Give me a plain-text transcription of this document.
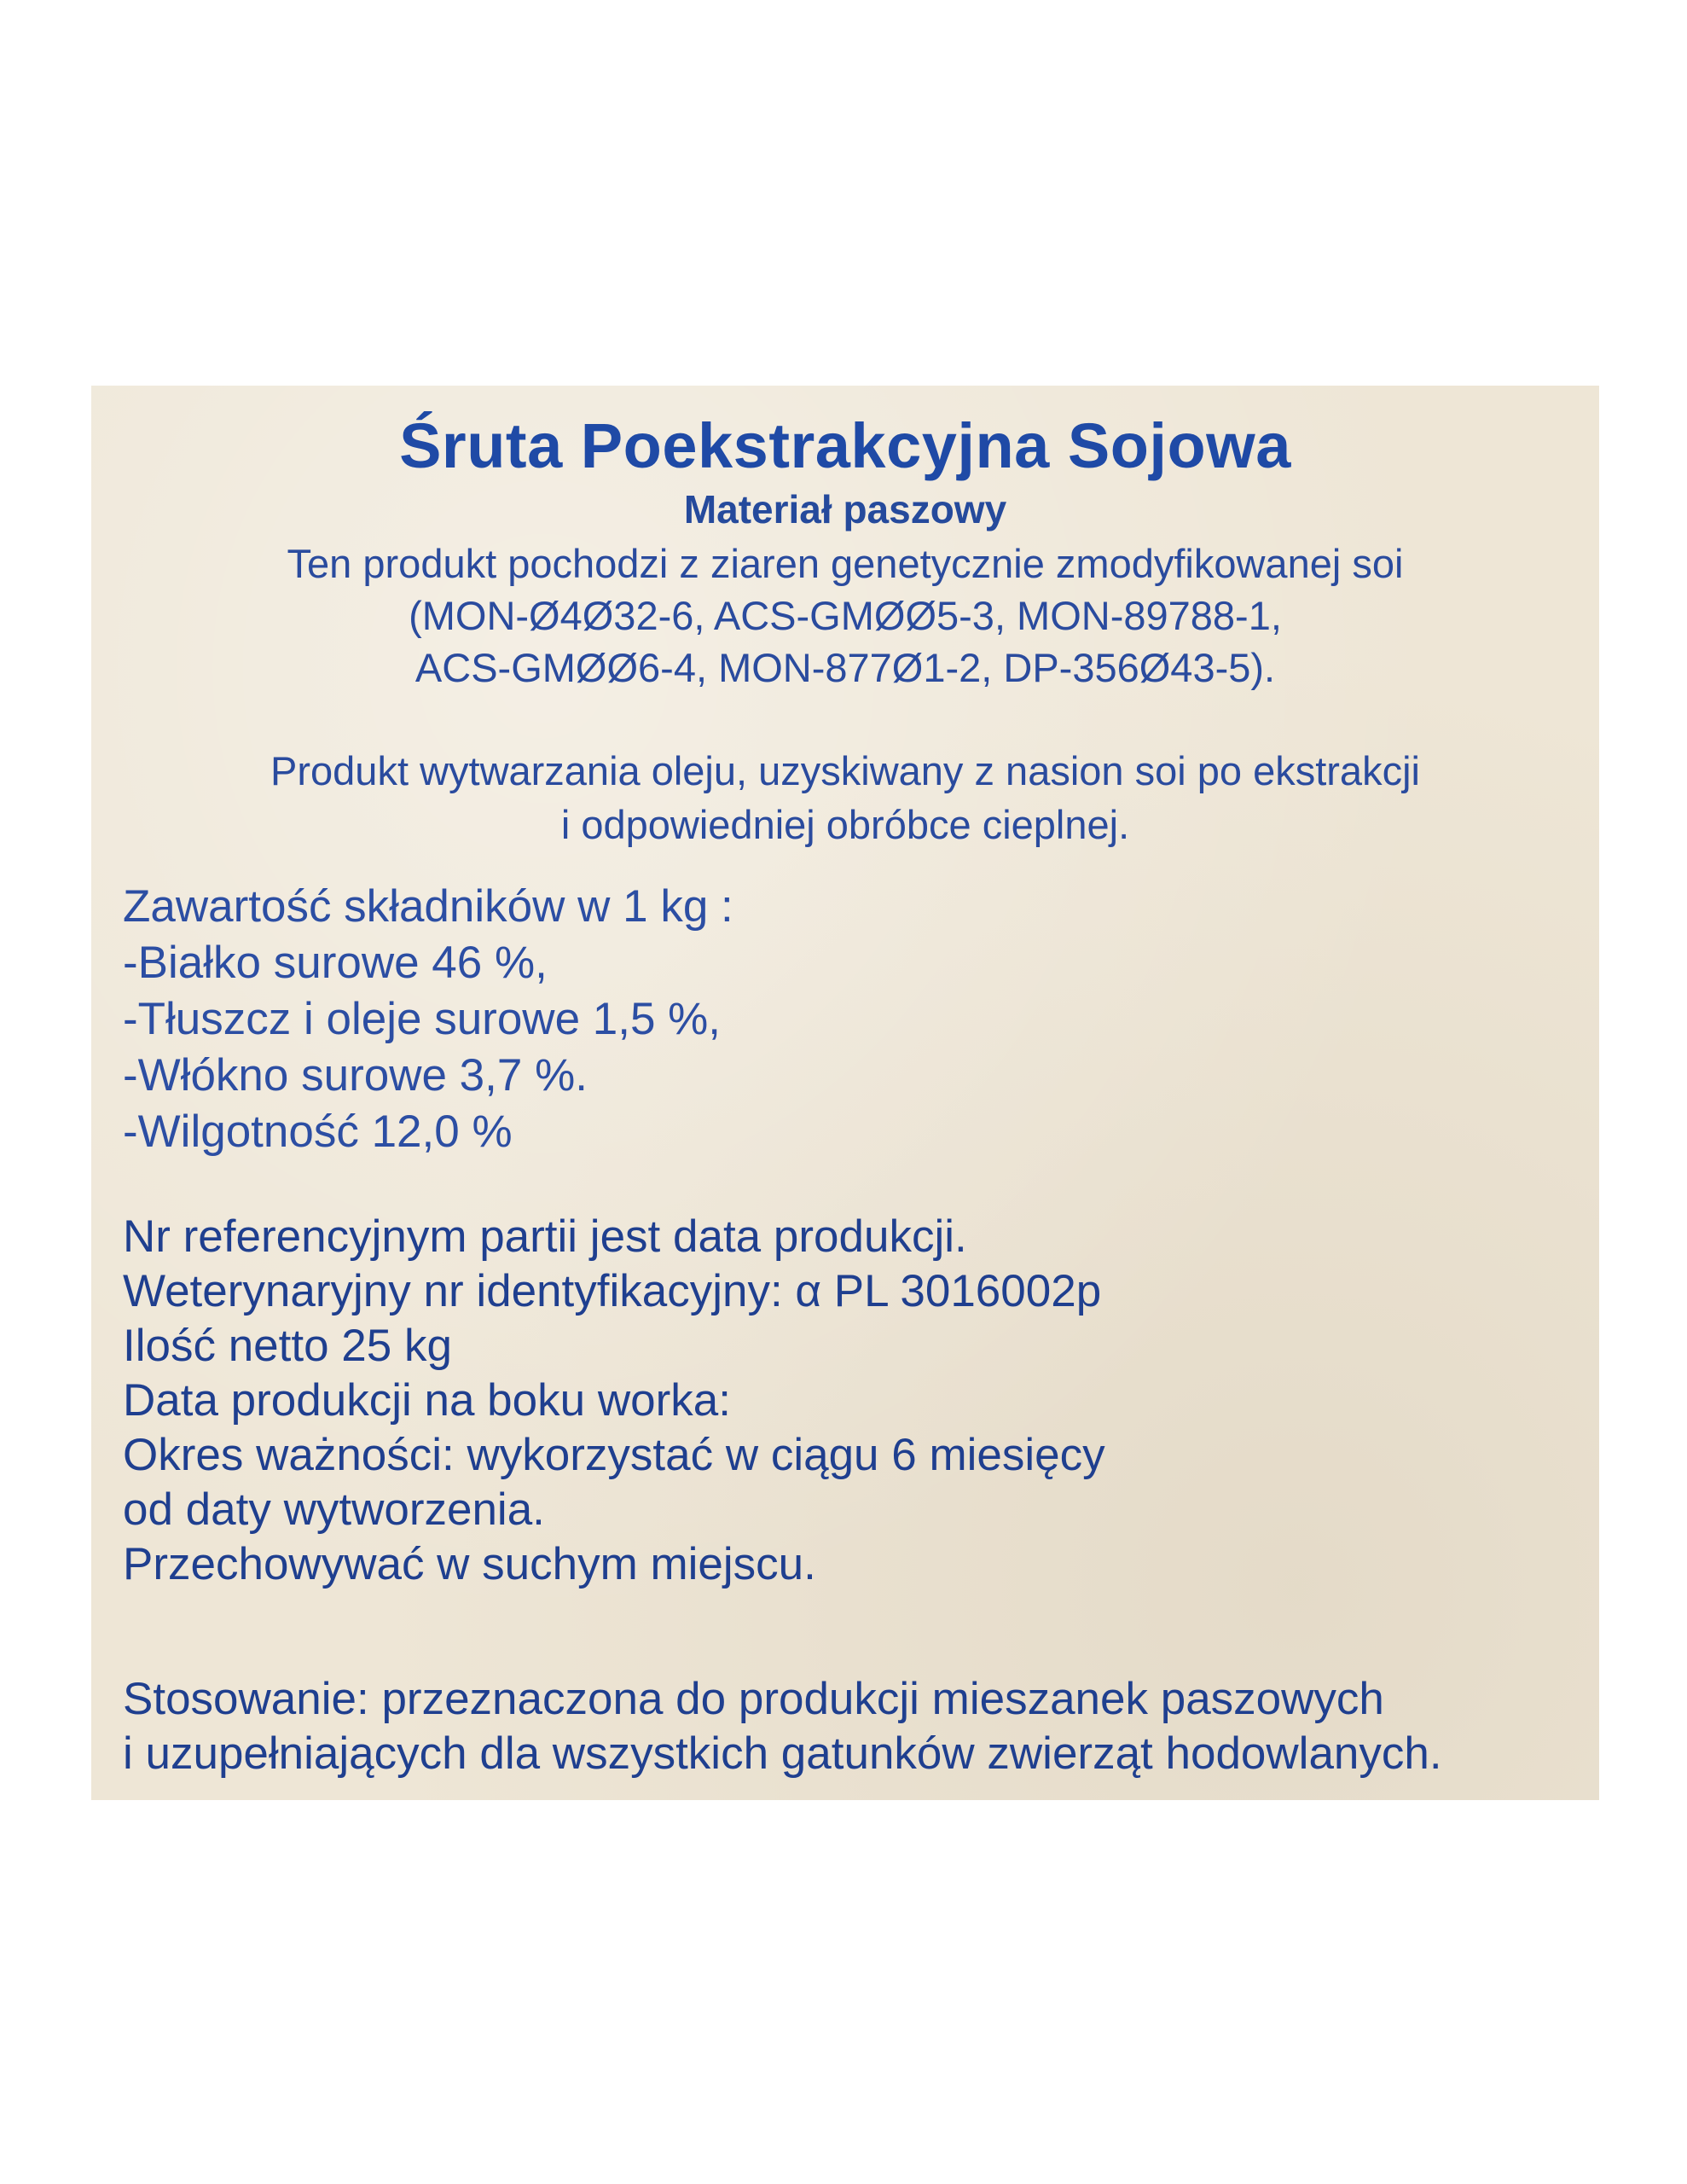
Śruta Poekstrakcyjna Sojowa
Materiał paszowy
Ten produkt pochodzi z ziaren genetycznie zmodyfikowanej soi
(MON-Ø4Ø32-6, ACS-GMØØ5-3, MON-89788-1,
ACS-GMØØ6-4, MON-877Ø1-2, DP-356Ø43-5).
Produkt wytwarzania oleju, uzyskiwany z nasion soi po ekstrakcji
i odpowiedniej obróbce cieplnej.
Zawartość składników w 1 kg :
-Białko surowe 46 %,
-Tłuszcz i oleje surowe 1,5 %,
-Włókno surowe 3,7 %.
-Wilgotność 12,0 %
Nr referencyjnym partii jest data produkcji.
Weterynaryjny nr identyfikacyjny: α PL 3016002p
Ilość netto 25 kg
Data produkcji na boku worka:
Okres ważności: wykorzystać w ciągu 6 miesięcy
od daty wytworzenia.
Przechowywać w suchym miejscu.
Stosowanie: przeznaczona do produkcji mieszanek paszowych
i uzupełniających dla wszystkich gatunków zwierząt hodowlanych.
